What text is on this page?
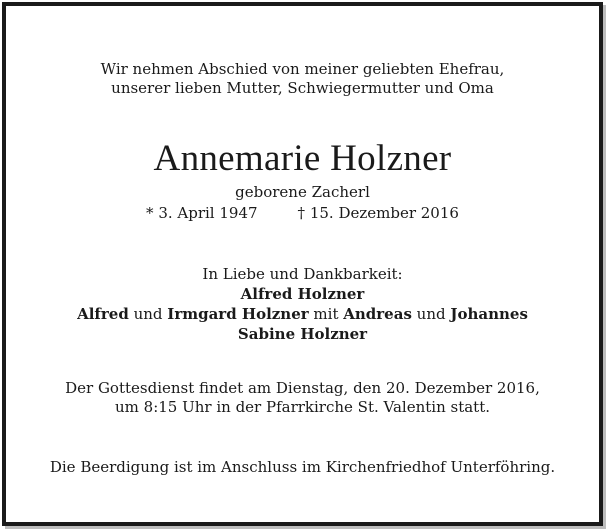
Wir nehmen Abschied von meiner geliebten Ehefrau,
unserer lieben Mutter, Schwiegermutter und Oma
Annemarie Holzner
geborene Zacherl
* 3. April 1947	† 15. Dezember 2016
In Liebe und Dankbarkeit:
Alfred Holzner
Alfred und Irmgard Holzner mit Andreas und Johannes
Sabine Holzner
Der Gottesdienst findet am Dienstag, den 20. Dezember 2016,
um 8:15 Uhr in der Pfarrkirche St. Valentin statt.
Die Beerdigung ist im Anschluss im Kirchenfriedhof Unterföhring.
